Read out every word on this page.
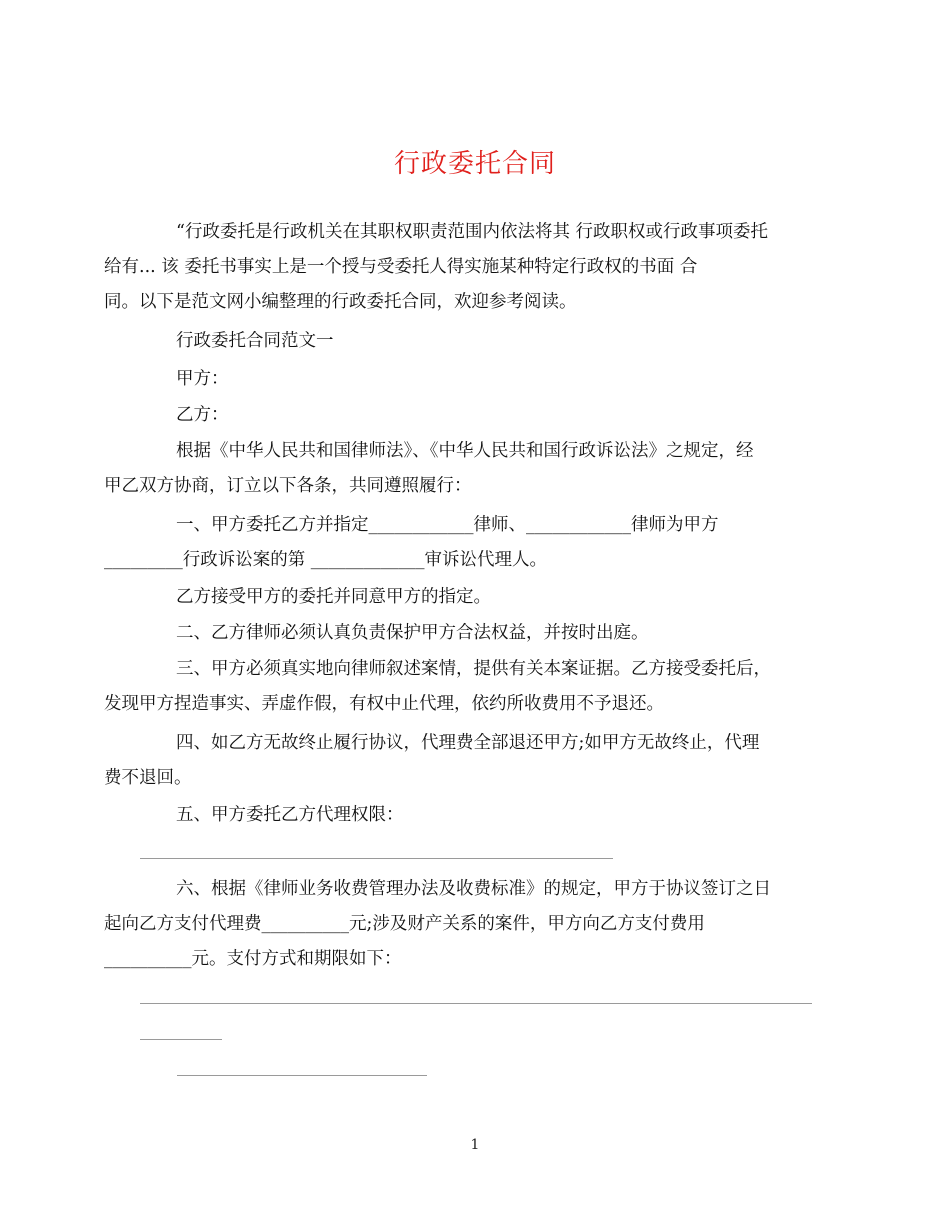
行政委托合同
“行政委托是行政机关在其职权职责范围内依法将其 行政职权或行政事项委托
给有... 该 委托书事实上是一个授与受委托人得实施某种特定行政权的书面 合
同。以下是范文网小编整理的行政委托合同，欢迎参考阅读。
行政委托合同范文一
甲方：
乙方：
根据《中华人民共和国律师法》、《中华人民共和国行政诉讼法》之规定，经
甲乙双方协商，订立以下各条，共同遵照履行：
一、甲方委托乙方并指定____________律师、____________律师为甲方
_________行政诉讼案的第 _____________审诉讼代理人。
乙方接受甲方的委托并同意甲方的指定。
二、乙方律师必须认真负责保护甲方合法权益，并按时出庭。
三、甲方必须真实地向律师叙述案情，提供有关本案证据。乙方接受委托后，
发现甲方捏造事实、弄虚作假，有权中止代理，依约所收费用不予退还。
四、如乙方无故终止履行协议，代理费全部退还甲方;如甲方无故终止，代理
费不退回。
五、甲方委托乙方代理权限：
六、根据《律师业务收费管理办法及收费标准》的规定，甲方于协议签订之日
起向乙方支付代理费__________元;涉及财产关系的案件，甲方向乙方支付费用
__________元。支付方式和期限如下：
1
